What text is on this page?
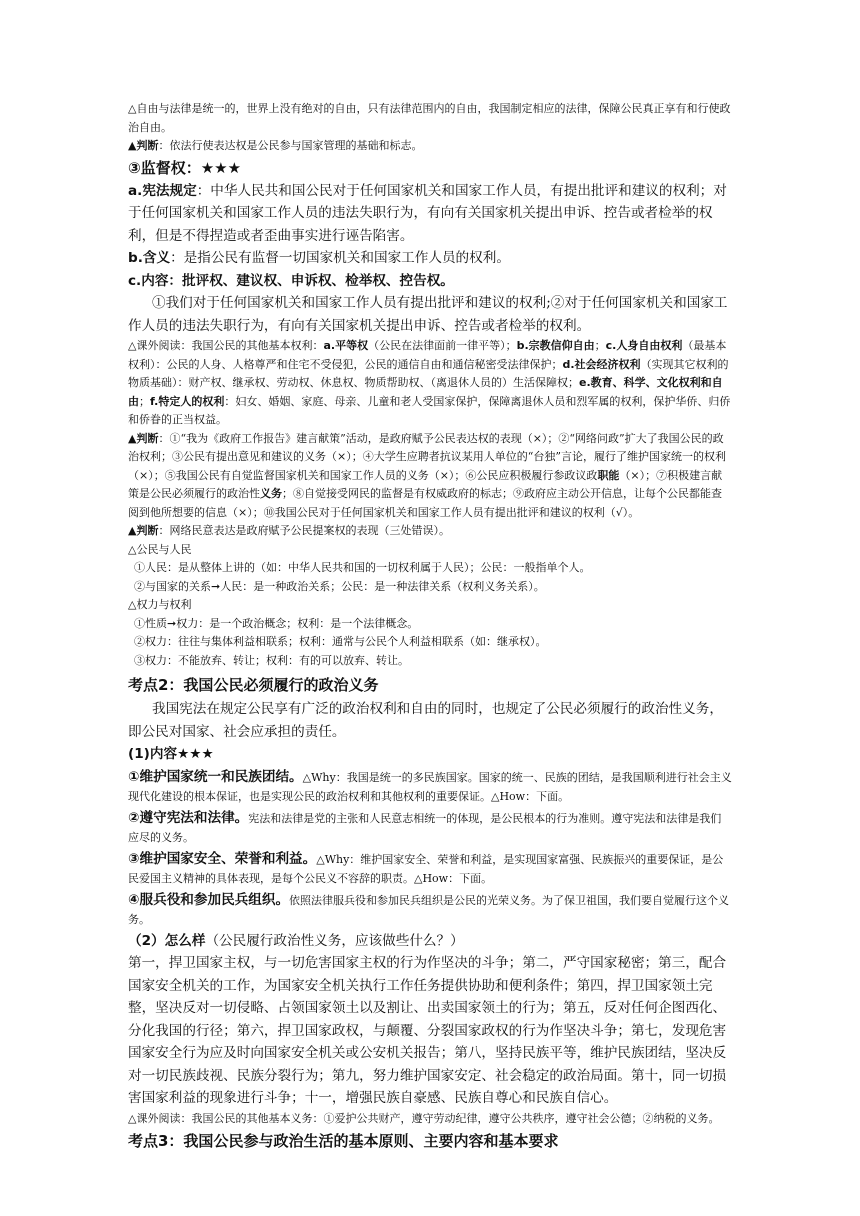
△自由与法律是统一的，世界上没有绝对的自由，只有法律范围内的自由，我国制定相应的法律，保障公民真正享有和行使政治自由。

▲判断：依法行使表达权是公民参与国家管理的基础和标志。

③监督权：★★★

a.宪法规定：中华人民共和国公民对于任何国家机关和国家工作人员，有提出批评和建议的权利；对于任何国家机关和国家工作人员的违法失职行为，有向有关国家机关提出申诉、控告或者检举的权利，但是不得捏造或者歪曲事实进行诬告陷害。

b.含义：是指公民有监督一切国家机关和国家工作人员的权利。

c.内容：批评权、建议权、申诉权、检举权、控告权。

①我们对于任何国家机关和国家工作人员有提出批评和建议的权利;②对于任何国家机关和国家工作人员的违法失职行为，有向有关国家机关提出申诉、控告或者检举的权利。

△课外阅读：我国公民的其他基本权利：a.平等权（公民在法律面前一律平等）；b.宗教信仰自由；c.人身自由权利（最基本权利）：公民的人身、人格尊严和住宅不受侵犯，公民的通信自由和通信秘密受法律保护；d.社会经济权利（实现其它权利的物质基础）：财产权、继承权、劳动权、休息权、物质帮助权、（离退休人员的）生活保障权；e.教育、科学、文化权利和自由；f.特定人的权利：妇女、婚姻、家庭、母亲、儿童和老人受国家保护，保障离退休人员和烈军属的权利，保护华侨、归侨和侨眷的正当权益。

▲判断：①“我为《政府工作报告》建言献策”活动，是政府赋予公民表达权的表现（×）；②“网络问政”扩大了我国公民的政治权利；③公民有提出意见和建议的义务（×）；④大学生应聘者抗议某用人单位的“台独”言论，履行了维护国家统一的权利（×）；⑤我国公民有自觉监督国家机关和国家工作人员的义务（×）；⑥公民应积极履行参政议政职能（×）；⑦积极建言献策是公民必须履行的政治性义务；⑧自觉接受网民的监督是有权威政府的标志；⑨政府应主动公开信息，让每个公民都能查阅到他所想要的信息（×）；⑩我国公民对于任何国家机关和国家工作人员有提出批评和建议的权利（√）。

▲判断：网络民意表达是政府赋予公民提案权的表现（三处错误）。

△公民与人民

①人民：是从整体上讲的（如：中华人民共和国的一切权利属于人民）；公民：一般指单个人。

②与国家的关系➞人民：是一种政治关系；公民：是一种法律关系（权利义务关系）。

△权力与权利

①性质➞权力：是一个政治概念；权利：是一个法律概念。

②权力：往往与集体利益相联系；权利：通常与公民个人利益相联系（如：继承权）。

③权力：不能放弃、转让；权利：有的可以放弃、转让。

考点2：我国公民必须履行的政治义务

我国宪法在规定公民享有广泛的政治权利和自由的同时，也规定了公民必须履行的政治性义务，即公民对国家、社会应承担的责任。

(1)内容★★★

①维护国家统一和民族团结。△Why：我国是统一的多民族国家。国家的统一、民族的团结，是我国顺利进行社会主义现代化建设的根本保证，也是实现公民的政治权利和其他权利的重要保证。△How：下面。

②遵守宪法和法律。宪法和法律是党的主张和人民意志相统一的体现，是公民根本的行为准则。遵守宪法和法律是我们应尽的义务。

③维护国家安全、荣誉和利益。△Why：维护国家安全、荣誉和利益，是实现国家富强、民族振兴的重要保证，是公民爱国主义精神的具体表现，是每个公民义不容辞的职责。△How：下面。

④服兵役和参加民兵组织。依照法律服兵役和参加民兵组织是公民的光荣义务。为了保卫祖国，我们要自觉履行这个义务。

（2）怎么样（公民履行政治性义务，应该做些什么？）

第一，捍卫国家主权，与一切危害国家主权的行为作坚决的斗争；第二，严守国家秘密；第三，配合国家安全机关的工作，为国家安全机关执行工作任务提供协助和便利条件；第四，捍卫国家领土完整，坚决反对一切侵略、占领国家领土以及割让、出卖国家领土的行为；第五，反对任何企图西化、分化我国的行径；第六，捍卫国家政权，与颠覆、分裂国家政权的行为作坚决斗争；第七，发现危害国家安全行为应及时向国家安全机关或公安机关报告；第八，坚持民族平等，维护民族团结，坚决反对一切民族歧视、民族分裂行为；第九，努力维护国家安定、社会稳定的政治局面。第十，同一切损害国家利益的现象进行斗争；十一，增强民族自豪感、民族自尊心和民族自信心。

△课外阅读：我国公民的其他基本义务：①爱护公共财产，遵守劳动纪律，遵守公共秩序，遵守社会公德；②纳税的义务。

考点3：我国公民参与政治生活的基本原则、主要内容和基本要求
